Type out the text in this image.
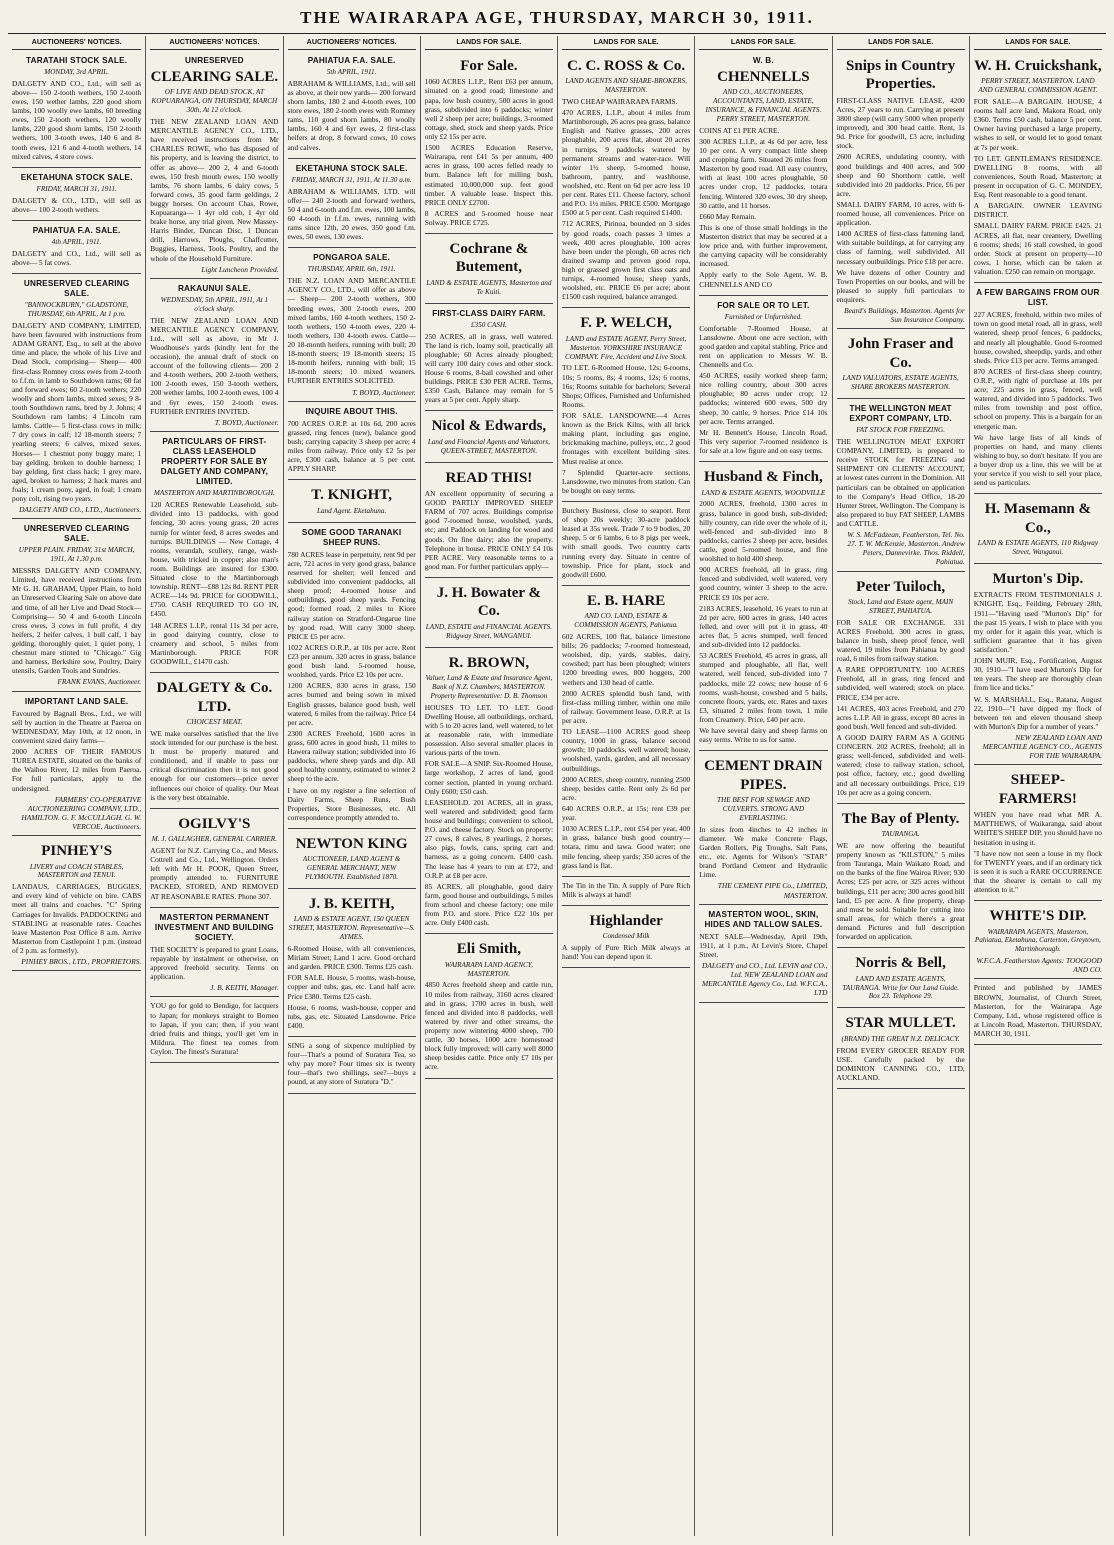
THE WAIRARAPA AGE, THURSDAY, MARCH 30, 1911.
AUCTIONEERS' NOTICES.
TARATAHI STOCK SALE.
MONDAY, 3rd APRIL.

DALGETY AND CO., Ltd., will sell as above— 150 2-tooth wethers, 150 2-tooth ewes, 150 wether lambs, 220 good shorn lambs, 100 woolly ewe lambs, 60 breeding ewes, 150 2-tooth wethers, 120 woolly lambs, 220 good shorn lambs, 150 2-tooth wethers, 100 3-tooth ewes, 140 6 and 8-tooth ewes, 121 6 and 4-tooth wethers, 14 mixed calves, 4 store cows.

EKETAHUNA STOCK SALE.
FRIDAY, MARCH 31, 1911.

DALGETY & CO., LTD., will sell as above— 100 2-tooth wethers.

PAHIATUA F.A. SALE.
4th APRIL, 1911.

DALGETY and CO., Ltd., will sell as above— 5 fat cows.

UNRESERVED CLEARING SALE.
"BANNOCKBURN," GLADSTONE, THURSDAY, 6th APRIL, At 1 p.m.

DALGETY AND COMPANY, LIMITED, have been favoured with instructions from ADAM GRANT, Esq., to sell at the above time and place, the whole of his Live and Dead Stock, comprising— Sheep— 400 first-class Romney cross ewes from 2-tooth to f.f.m. in lamb to Southdown rams; 60 fat and forward ewes; 60 2-tooth wethers; 220 woolly and shorn lambs, mixed sexes; 9 8-tooth Southdown rams, bred by J. Johns; 4 Southdown ram lambs; 4 Lincoln ram lambs. Cattle— 5 first-class cows in milk; 7 dry cows in calf; 12 18-month steers; 7 yearling steers; 6 calves, mixed sexes. Horses— 1 chestnut pony buggy mare; 1 bay gelding, broken to double harness; 1 bay gelding, first class hack; 1 grey mare, aged, broken to harness; 2 hack mares and foals; 1 cream pony, aged, in foal; 1 cream pony colt, rising two years.

DALGETY AND CO., LTD., Auctioneers.
UNRESERVED CLEARING SALE.
UPPER PLAIN. FRIDAY, 31st MARCH, 1911, At 1.30 p.m.

MESSRS DALGETY AND COMPANY, Limited, have received instructions from Mr G. H. GRAHAM, Upper Plain, to hold an Unreserved Clearing Sale on above date and time, of all her Live and Dead Stock— Comprising— 50 4 and 6-tooth Lincoln cross ewes, 3 cows in full profit, 4 dry heifers, 2 heifer calves, 1 bull calf, 1 bay gelding, thoroughly quiet, 1 quiet pony, 1 chestnut mare stinted to "Chicago." Gig and harness, Berkshire sow, Poultry, Dairy utensils, Garden Tools and Sundries.

FRANK EVANS, Auctioneer.
IMPORTANT LAND SALE.

Favoured by Bagnall Bros., Ltd., we will sell by auction in the Theatre at Paeroa on WEDNESDAY, May 10th, at 12 noon, in convenient sized dairy farms—

2000 ACRES OF THEIR FAMOUS TUREA ESTATE, situated on the banks of the Waihou River, 12 miles from Paeroa. For full particulars, apply to the undersigned.

FARMERS' CO-OPERATIVE AUCTIONEERING COMPANY, LTD., HAMILTON. G. F. McCULLAGH. G. W. VERCOE, Auctioneers.
PINHEY'S
LIVERY and COACH STABLES, MASTERTON and TENUI.

LANDAUS, CARRIAGES, BUGGIES, and every kind of vehicle on hire. CABS meet all trains and coaches. "C" Spring Carriages for Invalids. PADDOCKING and STABLING at reasonable rates. Coaches leave Masterton Post Office 8 a.m. Arrive Masterton from Castlepoint 1 p.m. (instead of 2 p.m. as formerly).

PINHEY BROS., LTD., PROPRIETORS.
AUCTIONEERS' NOTICES.
UNRESERVED
CLEARING SALE.
OF LIVE AND DEAD STOCK, AT KOPUARANGA, ON THURSDAY, MARCH 30th, At 12 o'clock.

THE NEW ZEALAND LOAN AND MERCANTILE AGENCY CO., LTD., have received instructions from Mr CHARLES ROWE, who has disposed of his property, and is leaving the district, to offer as above— 200 2, 4 and 6-tooth ewes, 150 fresh mouth ewes, 150 woolly lambs, 76 shorn lambs, 6 dairy cows, 5 forward cows, 35 good farm geldings, 2 buggy horses. On account Chas. Rowe, Kopuaranga— 1 4yr old cob, 1 4yr old brake horse, any trial given. New Massey-Harris Binder, Duncan Disc, 1 Duncan drill, Harrows, Ploughs, Chaffcutter, Buggies, Harness, Tools, Poultry, and the whole of the Household Furniture.

Light Luncheon Provided.
RAKAUNUI SALE.
WEDNESDAY, 5th APRIL, 1911, At 1 o'clock sharp.

THE NEW ZEALAND LOAN AND MERCANTILE AGENCY COMPANY, Ltd., will sell as above, in Mr J. Woodhouse's yards (kindly lent for the occasion), the annual draft of stock on account of the following clients— 200 2 and 4-tooth wethers, 200 2-tooth wethers, 100 2-tooth ewes, 150 3-tooth wethers, 200 wether lambs, 100 2-tooth ewes, 100 4 and 6yr ewes, 150 2-tooth ewes. FURTHER ENTRIES INVITED.

T. BOYD, Auctioneer.
PARTICULARS OF FIRST-CLASS LEASEHOLD PROPERTY FOR SALE BY DALGETY AND COMPANY, LIMITED.
MASTERTON AND MARTINBOROUGH.

120 ACRES Renewable Leasehold, sub-divided into 13 paddocks, with good fencing, 30 acres young grass, 20 acres turnip for winter feed, 8 acres swedes and turnips. BUILDINGS — New Cottage, 4 rooms, verandah, scullery, range, wash-house, with tricked in copper; also man's room. Buildings are insured for £300. Situated close to the Martinborough township. RENT—£88 12s 8d. RENT PER ACRE—14s 9d. PRICE for GOODWILL, £750. CASH REQUIRED TO GO IN, £450.

148 ACRES L.I.P., rental 11s 3d per acre, in good dairying country, close to creamery and school, 5 miles from Martinborough. PRICE FOR GOODWILL, £1470 cash.

DALGETY & Co. LTD.
CHOICEST MEAT.

WE make ourselves satisfied that the live stock intended for our purchase is the best. It must be properly matured and conditioned, and if unable to pass our critical discrimination then it is not good enough for our customers—price never influences our choice of quality. Our Meat is the very best obtainable.

OGILVY'S
M. J. GALLAGHER, GENERAL CARRIER.

AGENT for N.Z. Carrying Co., and Mesrs. Cottrell and Co., Ltd., Wellington. Orders left with Mr H. POOK, Queen Street, promptly attended to. FURNITURE PACKED, STORED, AND REMOVED AT REASONABLE RATES. Phone 307.

MASTERTON PERMANENT INVESTMENT AND BUILDING SOCIETY.

THE SOCIETY is prepared to grant Loans, repayable by instalment or otherwise, on approved freehold security. Terms on application.

J. B. KEITH, Manager.

YOU go for gold to Bendigo, for lacquers to Japan; for monkeys straight to Borneo to Japan, if you can; then, if you want dried fruits and things, you'll get 'em in Mildura. The finest tea comes from Ceylon. The finest's Suratura!

AUCTIONEERS' NOTICES.
PAHIATUA F.A. SALE.
5th APRIL, 1911.

ABRAHAM & WILLIAMS, Ltd., will sell as above, at their new yards— 200 forward shorn lambs, 180 2 and 4-tooth ewes, 100 store ewes, 180 2-tooth ewes with Romney rams, 110 good shorn lambs, 80 woolly lambs, 160 4 and 6yr ewes, 2 first-class heifers at drop, 8 forward cows, 10 cows and calves.

EKETAHUNA STOCK SALE.
FRIDAY, MARCH 31, 1911, At 11.30 a.m.

ABRAHAM & WILLIAMS, LTD. will offer— 240 2-tooth and forward wethers, 50 4 and 6-tooth and f.m. ewes, 100 lambs, 60 4-tooth in f.f.m. ewes, running with rams since 12th, 20 ewes, 350 good f.m. ewes, 50 ewes, 130 ewes.

PONGAROA SALE.
THURSDAY, APRIL 6th, 1911.

THE N.Z. LOAN AND MERCANTILE AGENCY CO., LTD., will offer as above— Sheep— 200 2-tooth wethers, 300 breeding ewes, 300 2-tooth ewes, 200 mixed lambs, 160 4-tooth wethers, 150 2-tooth wethers, 150 4-tooth ewes, 220 4-tooth wethers, 130 4-tooth ewes. Cattle— 20 18-month heifers, running with bull; 20 18-month steers; 19 18-month steers; 15 18-month heifers, running with bull; 15 18-month steers; 10 mixed weaners. FURTHER ENTRIES SOLICITED.

T. BOYD, Auctioneer.
INQUIRE ABOUT THIS.

700 ACRES O.R.P. at 10s 6d, 200 acres grassed, ring fences (new), balance good bush; carrying capacity 3 sheep per acre; 4 miles from railway. Price only £2 5s per acre, £300 cash, balance at 5 per cent. APPLY SHARP.

T. KNIGHT,
Land Agent. Eketahuna.
SOME GOOD TARANAKI SHEEP RUNS.

780 ACRES lease in perpetuity, rent 9d per acre, 721 acres in very good grass, balance reserved for shelter; well fenced and subdivided into convenient paddocks, all sheep proof; 4-roomed house and outbuildings, good sheep yards. Fencing good; formed road, 2 miles to Kiore railway station on Stratford-Ongarue line by good road. Will carry 3000 sheep. PRICE £5 per acre.

1022 ACRES O.R.P., at 10s per acre. Rent £23 per annum. 320 acres in grass, balance good bush land. 5-roomed house, woolshed, yards. Price £2 10s per acre.

1200 ACRES, 830 acres in grass, 150 acres burned and being sown in mixed English grasses, balance good bush, well watered, 6 miles from the railway. Price £4 per acre.

2300 ACRES Freehold, 1600 acres in grass, 600 acres in good bush, 11 miles to Hawera railway station; subdivided into 16 paddocks, where sheep yards and dip. All good healthy country, estimated to winter 2 sheep to the acre.

I have on my register a fine selection of Dairy Farms, Sheep Runs, Bush Properties, Store Businesses, etc. All correspondence promptly attended to.

NEWTON KING
AUCTIONEER, LAND AGENT & GENERAL MERCHANT, NEW PLYMOUTH. Established 1870.
J. B. KEITH,
LAND & ESTATE AGENT, 150 QUEEN STREET, MASTERTON. Representative—S. AYMES.

6-Roomed House, with all conveniences, Miriam Street; Land 1 acre. Good orchard and garden. PRICE £300. Terms £25 cash.

FOR SALE. House, 5 rooms, wash-house, copper and tubs, gas, etc. Land half acre. Price £380. Terms £25 cash.

House, 6 rooms, wash-house, copper and tubs, gas, etc. Situated Lansdowne. Price £400.

SING a song of sixpence multiplied by four—That's a pound of Suratura Tea, so why pay more? Four times six is twenty four—that's two shillings, see?—buys a pound, at any store of Suratura "D."

LANDS FOR SALE.
For Sale.

1060 ACRES L.I.P., Rent £63 per annum, situated on a good road; limestone and papa, low bush country, 500 acres in good grass, subdivided into 6 paddocks; winter well 2 sheep per acre; buildings, 3-roomed cottage, shed, stock and sheep yards. Price only £2 15s per acre.

1500 ACRES Education Reserve, Wairarapa, rent £41 5s per annum, 400 acres in grass, 100 acres felled ready to burn. Balance left for milling bush, estimated 10,000,000 sup. feet good timber. A valuable lease. Inspect this. PRICE ONLY £2700.

8 ACRES and 5-roomed house near Solway. PRICE £725.

Cochrane & Butement,
LAND & ESTATE AGENTS, Masterton and Te Kuiti.
FIRST-CLASS DAIRY FARM.
£350 CASH.

250 ACRES, all in grass, well watered. The land is rich, loamy soil, practically all ploughable; 60 Acres already ploughed; will carry 100 dairy cows and other stock. House 6 rooms, 8-bail cowshed and other buildings. PRICE £30 PER ACRE. Terms, £350 Cash, Balance may remain for 5 years at 5 per cent. Apply sharp.

Nicol & Edwards,
Land and Financial Agents and Valuators, QUEEN-STREET, MASTERTON.
READ THIS!

AN excellent opportunity of securing a GOOD PARTLY IMPROVED SHEEP FARM of 707 acres. Buildings comprise good 7-roomed house, woolshed, yards, etc; and Paddock on landing for wood and goods. On fine dairy; also the property. Telephone in house. PRICE ONLY £4 10s PER ACRE. Very reasonable terms to a good man. For further particulars apply—

J. H. Bowater & Co.
LAND, ESTATE and FINANCIAL AGENTS. Ridgway Street, WANGANUI.
R. BROWN,
Valuer, Land & Estate and Insurance Agent, Bank of N.Z. Chambers, MASTERTON. Property Representative: D. B. Thomson

HOUSES TO LET. TO LET. Good Dwelling House, all outbuildings, orchard, with 5 to 20 acres land, well watered, to let at reasonable rate, with immediate possession. Also several smaller places in various parts of the town.

FOR SALE—A SNIP. Six-Roomed House, large workshop, 2 acres of land, good corner section, planted in young orchard. Only £600; £50 cash.

LEASEHOLD. 201 ACRES, all in grass, well watered and subdivided; good farm house and buildings; convenient to school, P.O. and cheese factory. Stock on property: 27 cows, 8 calves, 8 yearlings, 2 horses, also pigs, fowls, cans, spring cart and harness, as a going concern. £400 cash. The lease has 4 years to run at £72, and O.R.P. at £8 per acre.

85 ACRES, all ploughable, good dairy farm, good house and outbuildings, 5 miles from school and cheese factory; one mile from P.O. and store. Price £22 10s per acre. Only £400 cash.

Eli Smith,
WAIRARAPA LAND AGENCY, MASTERTON.

4850 Acres freehold sheep and cattle run, 10 miles from railway, 3160 acres cleared and in grass, 1700 acres in bush, well fenced and divided into 8 paddocks, well watered by river and other streams, the property now wintering 4000 sheep, 700 cattle, 30 horses, 1000 acre homestead block fully improved; will carry well 8000 sheep besides cattle. Price only £7 10s per acre.

LANDS FOR SALE.
C. C. ROSS & Co.
LAND AGENTS AND SHARE-BROKERS, MASTERTON.

TWO CHEAP WAIRARAPA FARMS.

470 ACRES, L.I.P., about 4 miles from Martinborough, 26 acres pea grass, balance English and Native grasses, 200 acres ploughable, 200 acres flat, about 20 acres in turnips, 9 paddocks watered by permanent streams and water-race. Will winter 1½ sheep, 5-roomed house, bathroom, pantry, and washhouse, woolshed, etc. Rent on 6d per acre less 10 per cent. Rates £11. Cheese factory, school and P.O. 1½ miles. PRICE £500. Mortgage £500 at 5 per cent. Cash required £1400.

712 ACRES, Pirinoa, bounded on 3 sides by good roads, coach passes 3 times a week, 400 acres ploughable, 100 acres have been under the plough, 60 acres rich drained swamp and proven good ropa, high or grassed grown first class oats and turnips, 4-roomed house, sheep yards, woolshed, etc. PRICE £6 per acre; about £1500 cash required, balance arranged.

F. P. WELCH,
LAND and ESTATE AGENT, Perry Street, Masterton. YORKSHIRE INSURANCE COMPANY. Fire, Accident and Live Stock.

TO LET. 6-Roomed House, 12s; 6-rooms, 10s; 5 rooms, 8s; 4 rooms, 12s; 6 rooms, 16s; Rooms suitable for bachelors; Several Shops; Offices, Furnished and Unfurnished Rooms.

FOR SALE. LANSDOWNE—4 Acres known as the Brick Kilns, with all brick making plant, including gas engine, brickmaking machine, pulleys, etc., 2 good frontages with excellent building sites. Must realise at once.

7 Splendid Quarter-acre sections, Lansdowne, two minutes from station. Can be bought on easy terms.

Butchery Business, close to seaport. Rent of shop 20s weekly; 30-acre paddock leased at 35s week. Trade 7 to 9 bodies, 20 sheep, 5 or 6 lambs, 6 to 8 pigs per week, with small goods. Two country carts running every day. Situate in centre of township. Price for plant, stock and goodwill £600.

E. B. HARE
AND CO. LAND, ESTATE & COMMISSION AGENTS, Pahiatua.

602 ACRES, 100 flat, balance limestone hills; 26 paddocks; 7-roomed homestead, woolshed, dip, yards, stables, dairy, cowshed; part has been ploughed; winters 1200 breeding ewes, 800 hoggets, 200 wethers and 130 head of cattle.

2000 ACRES splendid bush land, with first-class milling timber, within one mile of railway. Government lease, O.R.P. at 1s per acre.

TO LEASE—1100 ACRES good sheep country, 1000 in grass, balance second growth; 10 paddocks, well watered; house, woolshed, yards, garden, and all necessary outbuildings.

2000 ACRES, sheep country, running 2500 sheep, besides cattle. Rent only 2s 6d per acre.

640 ACRES O.R.P., at 15s; rent £39 per year.

1030 ACRES L.I.P., rent £54 per year, 400 in grass, balance bush good country—totara, rimu and tawa. Good water; one mile fencing, sheep yards; 350 acres of the grass land is flat.

The Tin in the Tin. A supply of Pure Rich Milk is always at hand!

Highlander
Condensed Milk

A supply of Pure Rich Milk always at hand! You can depend upon it.

LANDS FOR SALE.
W. B.
CHENNELLS
AND CO., AUCTIONEERS, ACCOUNTANTS, LAND, ESTATE, INSURANCE, & FINANCIAL AGENTS. PERRY STREET, MASTERTON.

COINS AT £1 PER ACRE.

300 ACRES L.I.P., at 4s 6d per acre, less 10 per cent. A very compact little sheep and cropping farm. Situated 26 miles from Masterton by good road. All easy country, with at least 100 acres ploughable, 50 acres under crop, 12 paddocks, totara fencing. Wintered 320 ewes, 30 dry sheep, 30 cattle, and 11 horses.

£660 May Remain.

This is one of those small holdings in the Masterton district that may be secured at a low price and, with further improvement, the carrying capacity will be considerably increased.

Apply early to the Sole Agent, W. B. CHENNELLS AND CO

FOR SALE OR TO LET.
Furnished or Unfurnished.

Comfortable 7-Roomed House, at Lansdowne. About one acre section, with good garden and capital stabling. Price and rent on application to Messrs W. B. Chennells and Co.

450 ACRES, easily worked sheep farm; nice rolling country, about 300 acres ploughable; 80 acres under crop; 12 paddocks; wintered 600 ewes, 500 dry sheep, 30 cattle, 9 horses. Price £14 10s per acre. Terms arranged.

Mr H. Bennett's House, Lincoln Road. This very superior 7-roomed residence is for sale at a low figure and on easy terms.

Husband & Finch,
LAND & ESTATE AGENTS, WOODVILLE

2000 ACRES, freehold, 1300 acres in grass, balance in good bush, sub-divided; hilly country, can ride over the whole of it, well-fenced and sub-divided into 8 paddocks, carries 2 sheep per acre, besides cattle, good 5-roomed house, and fine woolshed to hold 400 sheep.

900 ACRES freehold, all in grass, ring fenced and subdivided, well watered, very good country, winter 3 sheep to the acre. PRICE £9 10s per acre.

2183 ACRES, leasehold, 16 years to run at 2d per acre, 600 acres in grass, 140 acres felled, and over will put it in grass, 40 acres flat, 5 acres stumped, well fenced and sub-divided into 12 paddocks.

53 ACRES Freehold, 45 acres in grass, all stumped and ploughable, all flat, well watered, well fenced, sub-divided into 7 paddocks, mile 22 cows; new house of 6 rooms, wash-house, cowshed and 5 bails, concrete floors, yards, etc. Rates and taxes £3, situated 2 miles from town, 1 mile from Creamery. Price, £40 per acre.

We have several dairy and sheep farms on easy terms. Write to us for same.

CEMENT DRAIN PIPES.
THE BEST FOR SEWAGE AND CULVERTS. STRONG AND EVERLASTING.

In sizes from 4inches to 42 inches in diameter. We make Concrete Flags, Garden Rollers, Pig Troughs, Salt Pans, etc., etc. Agents for Wilson's "STAR" brand Portland Cement and Hydraulic Lime.

THE CEMENT PIPE Co., LIMITED, MASTERTON.
MASTERTON WOOL, SKIN, HIDES AND TALLOW SALES.

NEXT SALE—Wednesday, April 19th, 1911, at 1 p.m., At Levin's Store, Chapel Street.

DALGETY and CO., Ltd. LEVIN and CO., Ltd. NEW ZEALAND LOAN and MERCANTILE Agency Co., Ltd. W.F.C.A., LTD
LANDS FOR SALE.
Snips in Country Properties.

FIRST-CLASS NATIVE LEASE, 4200 Acres, 27 years to run. Carrying at present 3800 sheep (will carry 5000 when properly improved), and 300 head cattle. Rent, 1s 9d. Price for goodwill, £3 acre, including stock.

2600 ACRES, undulating country, with good buildings and 400 acres, and 500 sheep and 60 Shorthorn cattle, well subdivided into 20 paddocks. Price, £6 per acre.

SMALL DAIRY FARM, 10 acres, with 6-roomed house, all conveniences. Price on application.

1400 ACRES of first-class fattening land, with suitable buildings, at for carrying any class of farming, well subdivided. All necessary outbuildings. Price £18 per acre.

We have dozens of other Country and Town Properties on our books, and will be pleased to supply full particulars to enquirers.

Beard's Buildings, Masterton. Agents for Sun Insurance Company.
John Fraser and Co.
LAND VALUATORS, ESTATE AGENTS, SHARE BROKERS MASTERTON.
THE WELLINGTON MEAT EXPORT COMPANY, LTD.
FAT STOCK FOR FREEZING.

THE WELLINGTON MEAT EXPORT COMPANY, LIMITED, is prepared to receive STOCK for FREEZING and SHIPMENT ON CLIENTS' ACCOUNT, at lowest rates current in the Dominion. All particulars can be obtained on application to the Company's Head Office, 18-20 Hunter Street, Wellington. The Company is also prepared to buy FAT SHEEP, LAMBS and CATTLE.

W. S. McFadzean, Featherston, Tel. No. 27. T. W. McKenzie, Masterton. Andrew Peters, Dannevirke. Thos. Riddell, Pahiatua.
Peter Tuiloch,
Stock, Land and Estate agent, MAIN STREET, PAHIATUA.

FOR SALE OR EXCHANGE. 331 ACRES Freehold, 300 acres in grass, balance in bush, sheep proof fence, well watered, 19 miles from Pahiatua by good road, 6 miles from railway station.

A RARE OPPORTUNITY. 100 ACRES Freehold, all in grass, ring fenced and subdivided, well watered; stock on place. PRICE, £34 per acre.

141 ACRES, 403 acres Freehold, and 270 acres L.I.P. All in grass, except 80 acres in good bush. Well fenced and sub-divided.

A GOOD DAIRY FARM AS A GOING CONCERN. 202 ACRES, freehold; all in grass; well-fenced, subdivided and well-watered; close to railway station, school, post office, factory, etc.; good dwelling and all necessary outbuildings. Price, £19 10s per acre as a going concern.

The Bay of Plenty.
TAURANGA.

WE are now offering the beautiful property known as "KILSTON," 5 miles from Tauranga, Main Waikato Road, and on the banks of the fine Wairoa River; 930 Acres; £25 per acre, or 325 acres without buildings, £11 per acre; 300 acres good hill land, £5 per acre. A fine property, cheap and must be sold. Suitable for cutting into small areas, for which there's a great demand. Pictures and full description forwarded on application.

Norris & Bell,
LAND AND ESTATE AGENTS, TAURANGA. Write for Our Land Guide. Box 23. Telephone 29.
STAR MULLET.
(BRAND) THE GREAT N.Z. DELICACY.

FROM EVERY GROCER READY FOR USE. Carefully packed by the DOMINION CANNING CO., LTD, AUCKLAND.

LANDS FOR SALE.
W. H. Cruickshank,
PERRY STREET, MASTERTON. LAND AND GENERAL COMMISSION AGENT.

FOR SALE—A BARGAIN. HOUSE, 4 rooms half acre land, Makora Road, only £360. Terms £50 cash, balance 5 per cent. Owner having purchased a large property, wishes to sell, or would let to good tenant at 7s per week.

TO LET. GENTLEMAN'S RESIDENCE. DWELLING 8 rooms, with all conveniences, South Road, Masterton; at present in occupation of G. C. MONDEY, Esq. Rent reasonable to a good tenant.

A BARGAIN. OWNER LEAVING DISTRICT.

SMALL DAIRY FARM. PRICE £425. 21 ACRES, all flat, near creamery, Dwelling 6 rooms; sheds; 16 stall cowshed, in good order. Stock at present on property—10 cows, 1 horse, which can be taken at valuation. £250 can remain on mortgage.

A FEW BARGAINS FROM OUR LIST.

227 ACRES, freehold, within two miles of town on good metal road, all in grass, well watered, sheep proof fences, 6 paddocks, and nearly all ploughable. Good 6-roomed house, cowshed, sheepdip, yards, and other sheds. Price £13 per acre. Terms arranged.

870 ACRES of first-class sheep country, O.R.P., with right of purchase at 10s per acre; 225 acres in grass, fenced, well watered, and divided into 5 paddocks. Two miles from township and post office, school on property. This is a bargain for an energetic man.

We have large lists of all kinds of properties on hand, and many clients wishing to buy, so don't hesitate. If you are a buyer drop us a line, this we will be at your service if you wish to sell your place, send us particulars.

H. Masemann & Co.,
LAND & ESTATE AGENTS, 110 Ridgway Street, Wanganui.
Murton's Dip.

EXTRACTS FROM TESTIMONIALS J. KNIGHT, Esq., Feilding, February 28th, 1911—"Having used "Murton's Dip" for the past 15 years, I wish to place with you my order for it again this year, which is sufficient guarantee that it has given satisfaction."

JOHN MUIR, Esq., Fortification, August 30, 1910—"I have used Murton's Dip for ten years. The sheep are thoroughly clean from lice and ticks."

W. S. MARSHALL, Esq., Ratana, August 22, 1910—"I have dipped my flock of between ten and eleven thousand sheep with Murton's Dip for a number of years."

NEW ZEALAND LOAN AND MERCANTILE AGENCY CO., AGENTS FOR THE WAIRARAPA.
SHEEP-FARMERS!

WHEN you have read what MR A. MATTHEWS, of Waikaranga, said about WHITE'S SHEEP DIP, you should have no hesitation in using it.

"I have now not seen a louse in my flock for TWENTY years, and if an ordinary tick is seen it is such a RARE OCCURRENCE that the shearer is certain to call my attention to it."

WHITE'S DIP.
WAIRARAPA AGENTS, Masterton, Pahiatua, Eketahuna, Carterton, Greytown, Martinborough.
W.F.C.A. Featherston Agents: TOOGOOD AND CO.

Printed and published by JAMES BROWN, Journalist, of Church Street, Masterton, for the Wairarapa Age Company, Ltd., whose registered office is at Lincoln Road, Masterton. THURSDAY, MARCH 30, 1911.
